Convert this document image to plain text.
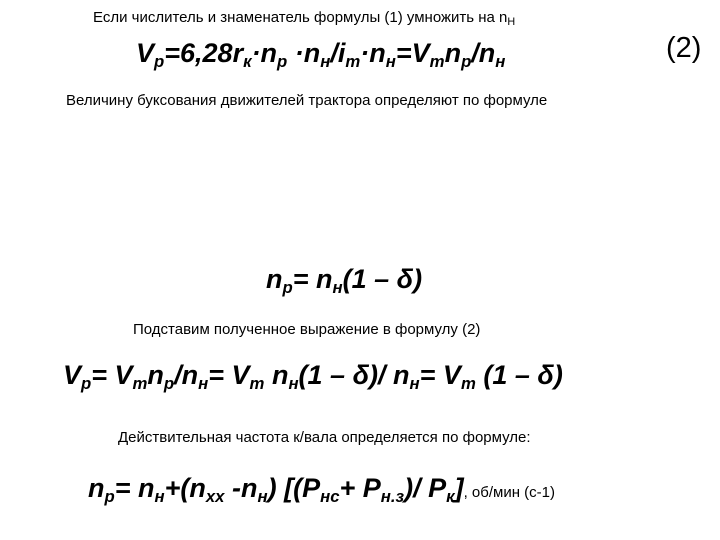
Если числитель и знаменатель формулы (1) умножить на $n_Н$
Vр=6,28rк·nр ·nн/iт·nн=Vтnр/nн	(2)
Величину буксования движителей трактора определяют по формуле
nр= nн(1 – δ)
Подставим полученное выражение в формулу (2)
Vр= Vтnр/nн= Vт nн(1 – δ)/ nн= Vт (1 – δ)
Действительная частота к/вала определяется по формуле:
nр= nн+(nхх -nн) [(Pнс+ Pн.з)/ Pк], об/мин (с-1)
